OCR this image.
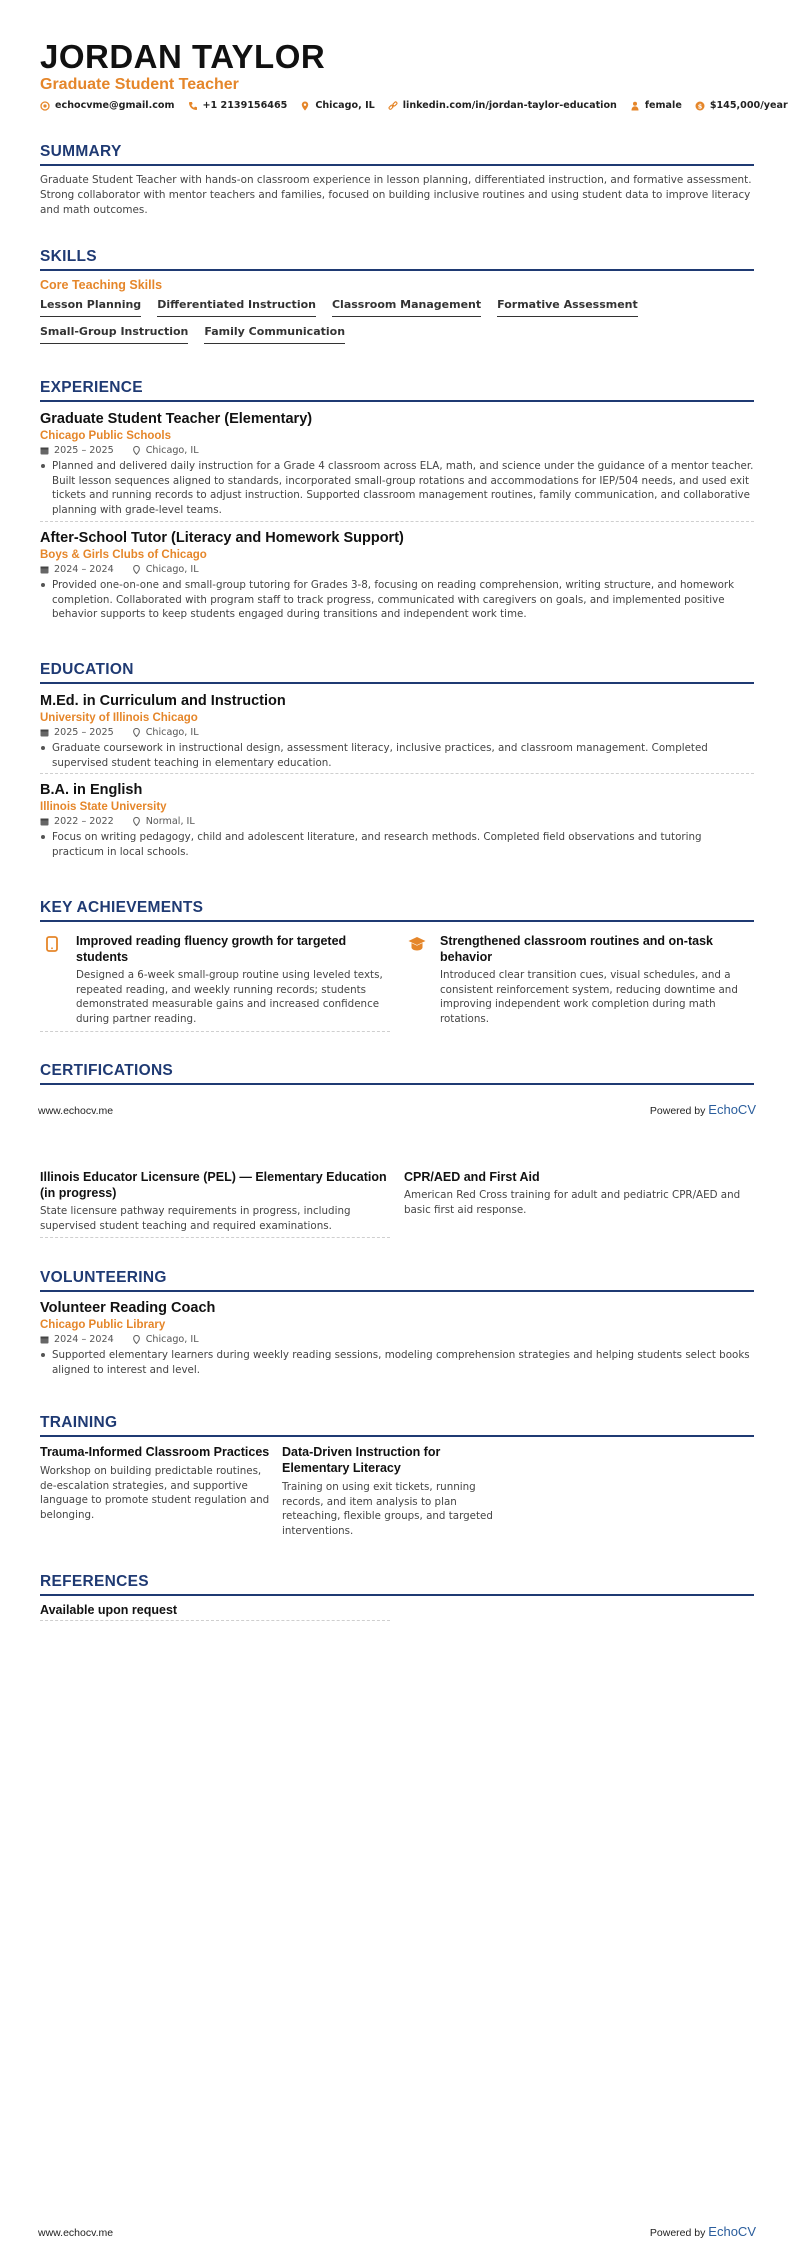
JORDAN TAYLOR
Graduate Student Teacher
echocvme@gmail.com	+1 2139156465	Chicago, IL	linkedin.com/in/jordan-taylor-education	female $ $145,000/year
SUMMARY
Graduate Student Teacher with hands-on classroom experience in lesson planning, differentiated instruction, and formative assessment. Strong collaborator with mentor teachers and families, focused on building inclusive routines and using student data to improve literacy and math outcomes.
SKILLS
Core Teaching Skills
Lesson Planning Differentiated Instruction Classroom Management Formative Assessment
Small-Group Instruction Family Communication
EXPERIENCE
Graduate Student Teacher (Elementary)
Chicago Public Schools
2025 – 2025	Chicago, IL
Planned and delivered daily instruction for a Grade 4 classroom across ELA, math, and science under the guidance of a mentor teacher. Built lesson sequences aligned to standards, incorporated small-group rotations and accommodations for IEP/504 needs, and used exit tickets and running records to adjust instruction. Supported classroom management routines, family communication, and collaborative planning with grade-level teams.
After-School Tutor (Literacy and Homework Support)
Boys & Girls Clubs of Chicago
2024 – 2024	Chicago, IL
Provided one-on-one and small-group tutoring for Grades 3-8, focusing on reading comprehension, writing structure, and homework completion. Collaborated with program staff to track progress, communicated with caregivers on goals, and implemented positive behavior supports to keep students engaged during transitions and independent work time.
EDUCATION
M.Ed. in Curriculum and Instruction
University of Illinois Chicago
2025 – 2025	Chicago, IL
Graduate coursework in instructional design, assessment literacy, inclusive practices, and classroom management. Completed supervised student teaching in elementary education.
B.A. in English
Illinois State University
2022 – 2022	Normal, IL
Focus on writing pedagogy, child and adolescent literature, and research methods. Completed field observations and tutoring practicum in local schools.
KEY ACHIEVEMENTS
Improved reading fluency growth for targeted students
Designed a 6-week small-group routine using leveled texts, repeated reading, and weekly running records; students demonstrated measurable gains and increased confidence during partner reading.
Strengthened classroom routines and on-task behavior
Introduced clear transition cues, visual schedules, and a consistent reinforcement system, reducing downtime and improving independent work completion during math rotations.
CERTIFICATIONS
Illinois Educator Licensure (PEL) — Elementary Education (in progress)
State licensure pathway requirements in progress, including supervised student teaching and required examinations.
CPR/AED and First Aid
American Red Cross training for adult and pediatric CPR/AED and basic first aid response.
VOLUNTEERING
Volunteer Reading Coach
Chicago Public Library
2024 – 2024	Chicago, IL
Supported elementary learners during weekly reading sessions, modeling comprehension strategies and helping students select books aligned to interest and level.
TRAINING
Trauma-Informed Classroom Practices
Workshop on building predictable routines, de-escalation strategies, and supportive language to promote student regulation and belonging.
Data-Driven Instruction for Elementary Literacy
Training on using exit tickets, running records, and item analysis to plan reteaching, flexible groups, and targeted interventions.
REFERENCES
Available upon request
www.echocv.me	Powered by EchoCV
www.echocv.me	Powered by EchoCV
